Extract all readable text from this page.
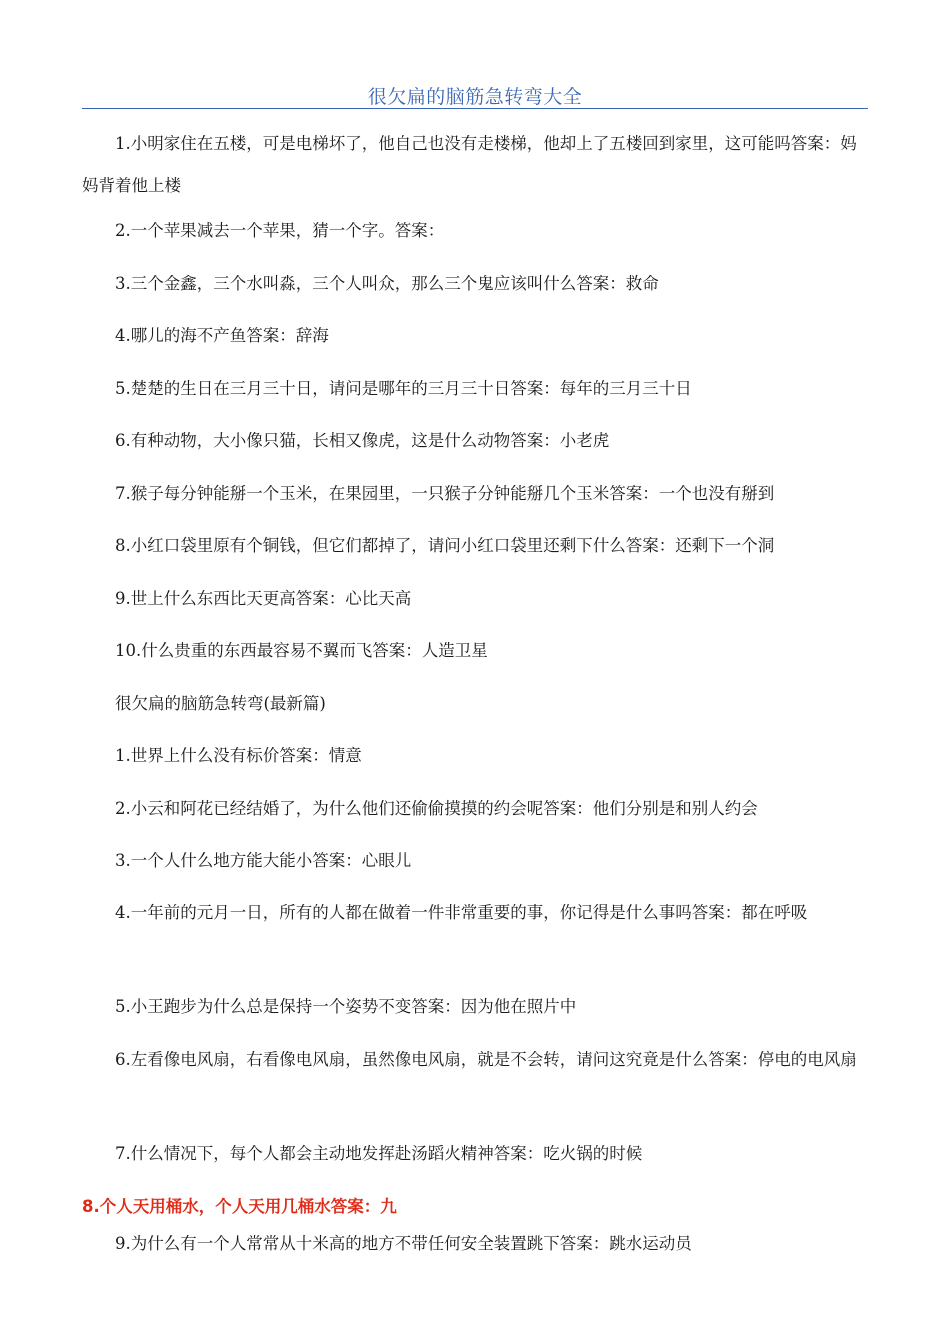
很欠扁的脑筋急转弯大全

1.小明家住在五楼，可是电梯坏了，他自己也没有走楼梯，他却上了五楼回到家里，这可能吗答案：妈妈背着他上楼

2.一个苹果减去一个苹果，猜一个字。答案：

3.三个金鑫，三个水叫淼，三个人叫众，那么三个鬼应该叫什么答案：救命

4.哪儿的海不产鱼答案：辞海

5.楚楚的生日在三月三十日，请问是哪年的三月三十日答案：每年的三月三十日

6.有种动物，大小像只猫，长相又像虎，这是什么动物答案：小老虎

7.猴子每分钟能掰一个玉米，在果园里，一只猴子分钟能掰几个玉米答案：一个也没有掰到

8.小红口袋里原有个铜钱，但它们都掉了，请问小红口袋里还剩下什么答案：还剩下一个洞

9.世上什么东西比天更高答案：心比天高

10.什么贵重的东西最容易不翼而飞答案：人造卫星

很欠扁的脑筋急转弯(最新篇)

1.世界上什么没有标价答案：情意

2.小云和阿花已经结婚了，为什么他们还偷偷摸摸的约会呢答案：他们分别是和别人约会

3.一个人什么地方能大能小答案：心眼儿

4.一年前的元月一日，所有的人都在做着一件非常重要的事，你记得是什么事吗答案：都在呼吸

5.小王跑步为什么总是保持一个姿势不变答案：因为他在照片中

6.左看像电风扇，右看像电风扇，虽然像电风扇，就是不会转，请问这究竟是什么答案：停电的电风扇

7.什么情况下，每个人都会主动地发挥赴汤蹈火精神答案：吃火锅的时候

8.个人天用桶水，个人天用几桶水答案：九

9.为什么有一个人常常从十米高的地方不带任何安全装置跳下答案：跳水运动员
